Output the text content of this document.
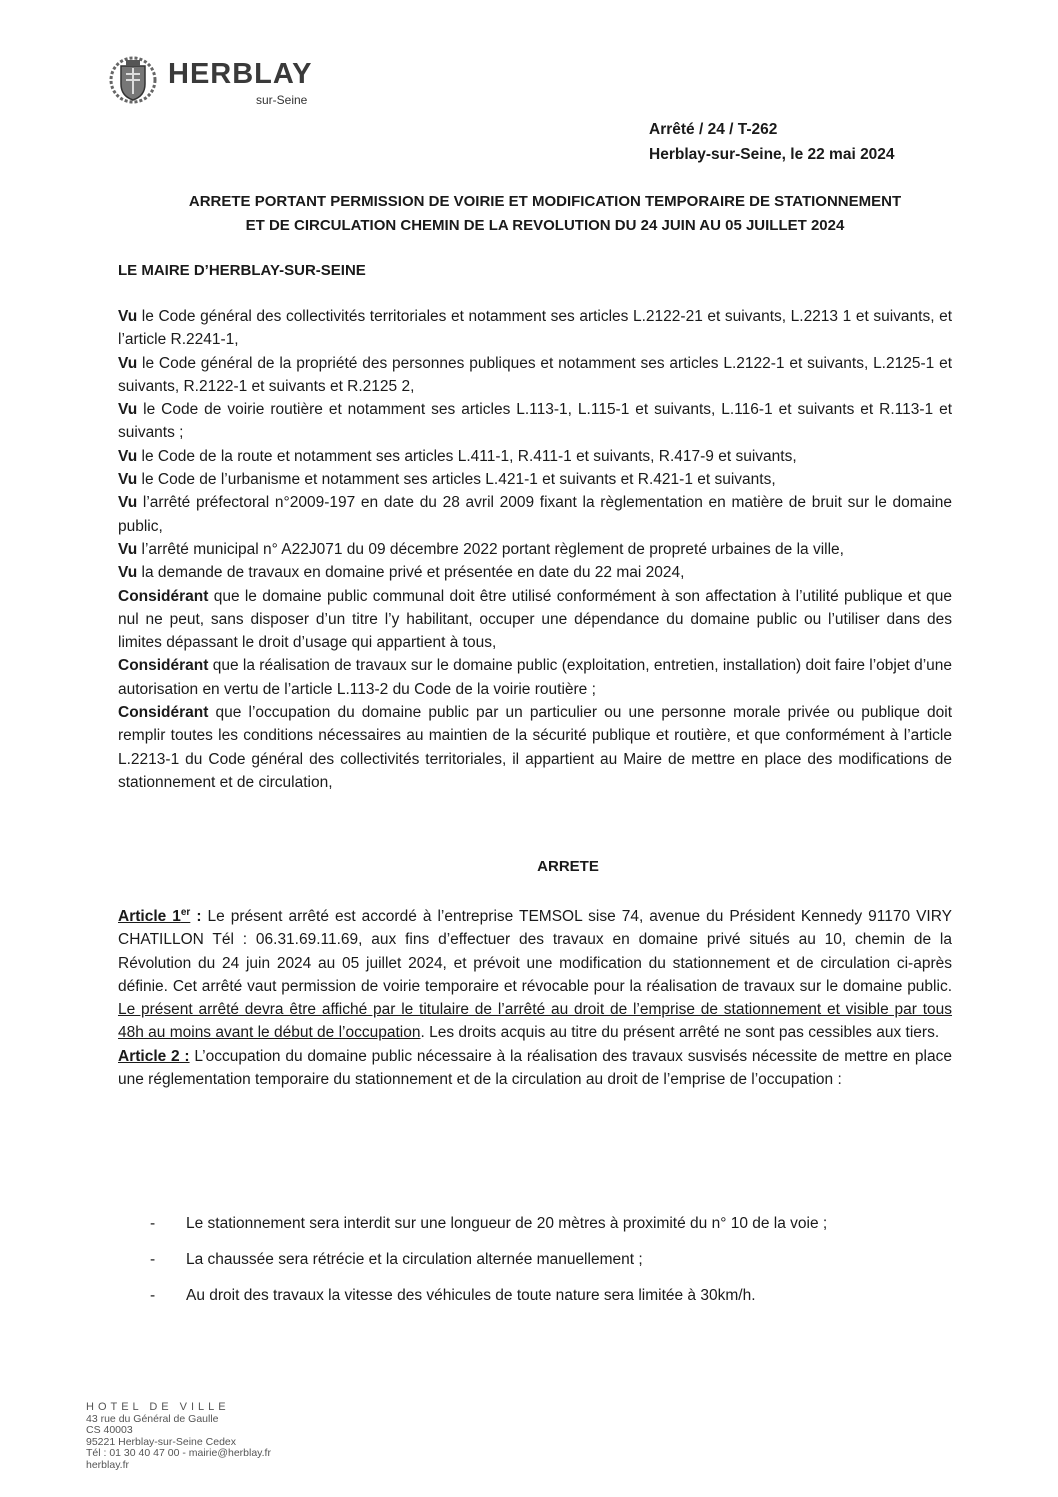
HERBLAY
sur-Seine
Arrêté / 24 / T-262
Herblay-sur-Seine, le 22 mai 2024
ARRETE PORTANT PERMISSION DE VOIRIE ET MODIFICATION TEMPORAIRE DE STATIONNEMENT
ET DE CIRCULATION CHEMIN DE LA REVOLUTION DU 24 JUIN AU 05 JUILLET 2024
LE MAIRE D’HERBLAY-SUR-SEINE

Vu le Code général des collectivités territoriales et notamment ses articles L.2122-21 et suivants, L.2213 1 et suivants, et l’article R.2241-1,

Vu le Code général de la propriété des personnes publiques et notamment ses articles L.2122-1 et suivants, L.2125-1 et suivants, R.2122-1 et suivants et R.2125 2,

Vu le Code de voirie routière et notamment ses articles L.113-1, L.115-1 et suivants, L.116-1 et suivants et R.113-1 et suivants ;

Vu le Code de la route et notamment ses articles L.411-1, R.411-1 et suivants, R.417-9 et suivants,

Vu le Code de l’urbanisme et notamment ses articles L.421-1 et suivants et R.421-1 et suivants,

Vu l’arrêté préfectoral n°2009-197 en date du 28 avril 2009 fixant la règlementation en matière de bruit sur le domaine public,

Vu l’arrêté municipal n° A22J071 du 09 décembre 2022 portant règlement de propreté urbaines de la ville,

Vu la demande de travaux en domaine privé et présentée en date du 22 mai 2024,

Considérant que le domaine public communal doit être utilisé conformément à son affectation à l’utilité publique et que nul ne peut, sans disposer d’un titre l’y habilitant, occuper une dépendance du domaine public ou l’utiliser dans des limites dépassant le droit d’usage qui appartient à tous,

Considérant que la réalisation de travaux sur le domaine public (exploitation, entretien, installation) doit faire l’objet d’une autorisation en vertu de l’article L.113-2 du Code de la voirie routière ;

Considérant que l’occupation du domaine public par un particulier ou une personne morale privée ou publique doit remplir toutes les conditions nécessaires au maintien de la sécurité publique et routière, et que conformément à l’article L.2213-1 du Code général des collectivités territoriales, il appartient au Maire de mettre en place des modifications de stationnement et de circulation,

ARRETE

Article 1er : Le présent arrêté est accordé à l’entreprise TEMSOL sise 74, avenue du Président Kennedy 91170 VIRY CHATILLON Tél : 06.31.69.11.69, aux fins d’effectuer des travaux en domaine privé situés au 10, chemin de la Révolution du 24 juin 2024 au 05 juillet 2024, et prévoit une modification du stationnement et de circulation ci-après définie. Cet arrêté vaut permission de voirie temporaire et révocable pour la réalisation de travaux sur le domaine public. Le présent arrêté devra être affiché par le titulaire de l’arrêté au droit de l’emprise de stationnement et visible par tous 48h au moins avant le début de l’occupation. Les droits acquis au titre du présent arrêté ne sont pas cessibles aux tiers.

Article 2 : L’occupation du domaine public nécessaire à la réalisation des travaux susvisés nécessite de mettre en place une réglementation temporaire du stationnement et de la circulation au droit de l’emprise de l’occupation :

-	Le stationnement sera interdit sur une longueur de 20 mètres à proximité du n° 10 de la voie ;
-	La chaussée sera rétrécie et la circulation alternée manuellement ;
-	Au droit des travaux la vitesse des véhicules de toute nature sera limitée à 30km/h.
HOTEL DE VILLE
43 rue du Général de Gaulle
CS 40003
95221 Herblay-sur-Seine Cedex
Tél : 01 30 40 47 00 - mairie@herblay.fr
herblay.fr
